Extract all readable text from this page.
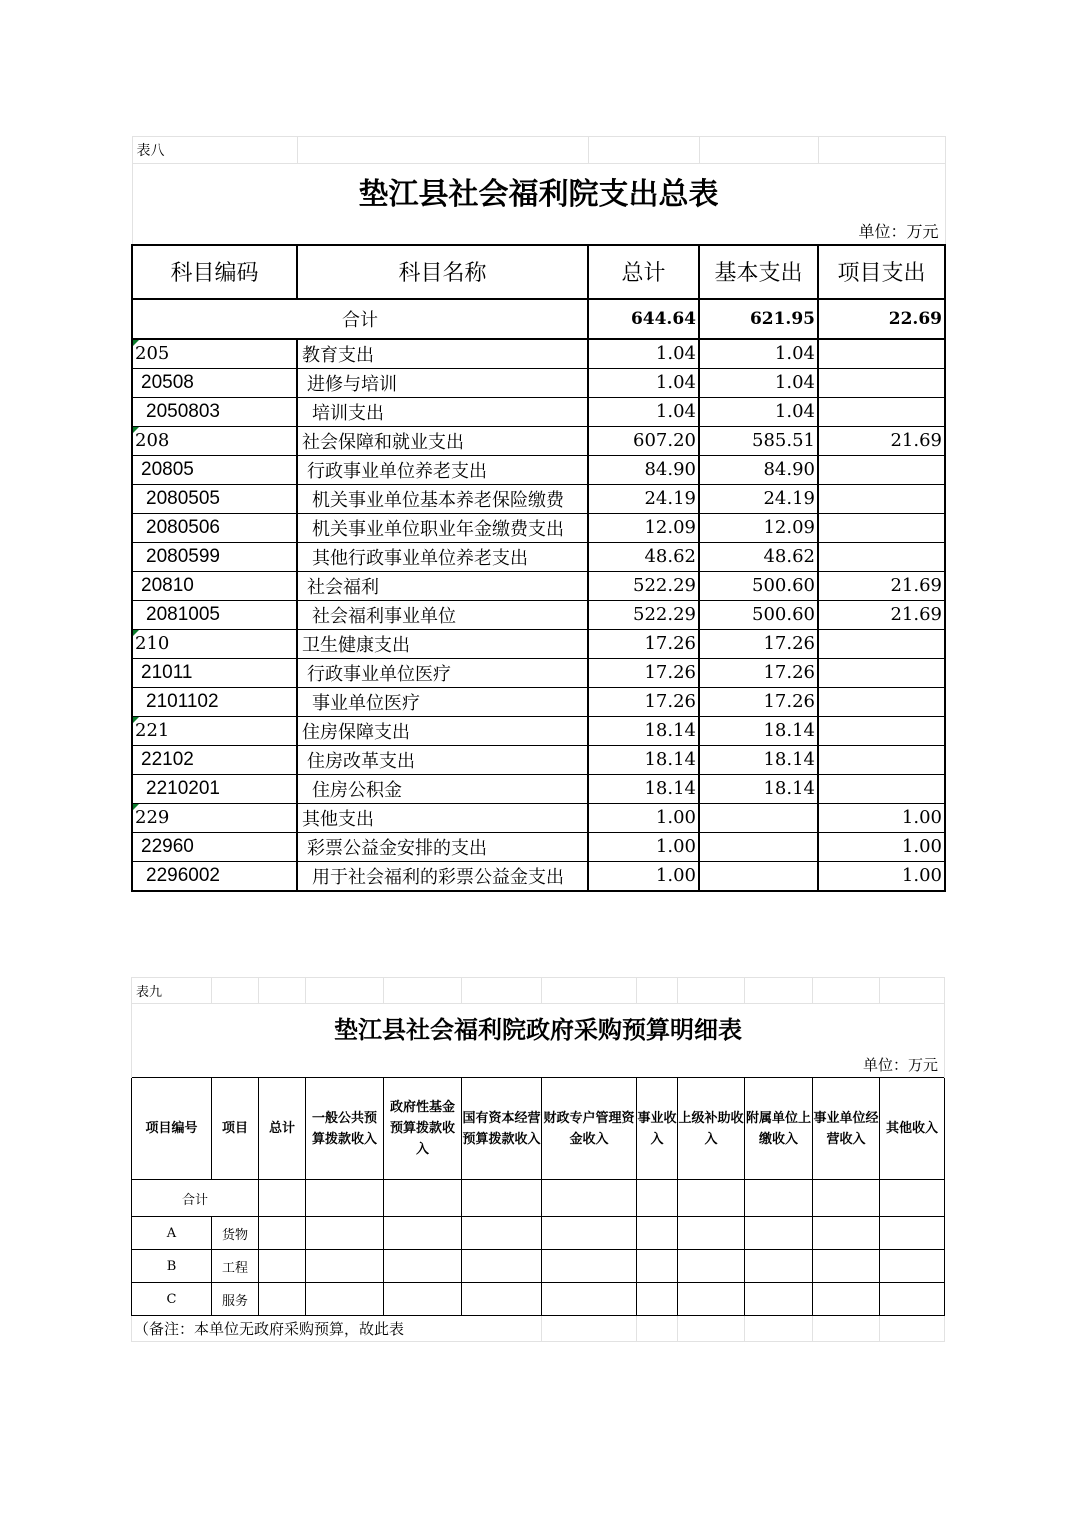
表八				
垫江县社会福利院支出总表				
单位：万元				
科目编码	科目名称	总计	基本支出	项目支出
合计		644.64	621.95	22.69
205	教育支出	1.04	1.04	
20508	进修与培训	1.04	1.04	
2050803	培训支出	1.04	1.04	
208	社会保障和就业支出	607.20	585.51	21.69
20805	行政事业单位养老支出	84.90	84.90	
2080505	机关事业单位基本养老保险缴费	24.19	24.19	
2080506	机关事业单位职业年金缴费支出	12.09	12.09	
2080599	其他行政事业单位养老支出	48.62	48.62	
20810	社会福利	522.29	500.60	21.69
2081005	社会福利事业单位	522.29	500.60	21.69
210	卫生健康支出	17.26	17.26	
21011	行政事业单位医疗	17.26	17.26	
2101102	事业单位医疗	17.26	17.26	
221	住房保障支出	18.14	18.14	
22102	住房改革支出	18.14	18.14	
2210201	住房公积金	18.14	18.14	
229	其他支出	1.00		1.00
22960	彩票公益金安排的支出	1.00		1.00
2296002	用于社会福利的彩票公益金支出	1.00		1.00
表九											
垫江县社会福利院政府采购预算明细表											
单位：万元											
项目编号	项目	总计	一般公共预算拨款收入	政府性基金预算拨款收入	国有资本经营预算拨款收入	财政专户管理资金收入	事业收入	上级补助收入	附属单位上缴收入	事业单位经营收入	其他收入
合计											
A	货物										
B	工程										
C	服务										
（备注：本单位无政府采购预算，故此表											
